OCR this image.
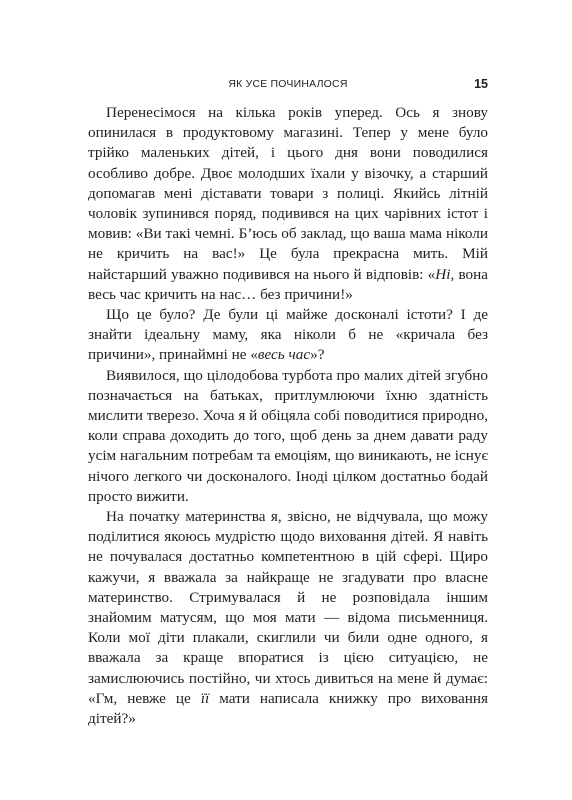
ЯК УСЕ ПОЧИНАЛОСЯ	15

Перенесімося на кілька років уперед. Ось я знову опинилася в продуктовому магазині. Тепер у мене було трійко маленьких дітей, і цього дня вони поводилися особливо добре. Двоє молодших їхали у візочку, а старший допомагав мені діставати товари з полиці. Якийсь літній чоловік зупинився поряд, подивився на цих чарівних істот і мовив: «Ви такі чемні. Б’юсь об заклад, що ваша мама ніколи не кричить на вас!» Це була прекрасна мить. Мій найстарший уважно подивився на нього й відповів: «Ні, вона весь час кричить на нас… без причини!»

Що це було? Де були ці майже досконалі істоти? І де знайти ідеальну маму, яка ніколи б не «кричала без причини», принаймні не «весь час»?

Виявилося, що цілодобова турбота про малих дітей згубно позначається на батьках, притлумлюючи їхню здатність мислити тверезо. Хоча я й обіцяла собі поводитися природно, коли справа доходить до того, щоб день за днем давати раду усім нагальним потребам та емоціям, що виникають, не існує нічого легкого чи досконалого. Іноді цілком достатньо бодай просто вижити.

На початку материнства я, звісно, не відчувала, що можу поділитися якоюсь мудрістю щодо виховання дітей. Я навіть не почувалася достатньо компетентною в цій сфері. Щиро кажучи, я вважала за найкраще не згадувати про власне материнство. Стримувалася й не розповідала іншим знайомим матусям, що моя мати — відома письменниця. Коли мої діти плакали, скиглили чи били одне одного, я вважала за краще впоратися із цією ситуацією, не замислюючись постійно, чи хтось дивиться на мене й думає: «Гм, невже це її мати написала книжку про виховання дітей?»
